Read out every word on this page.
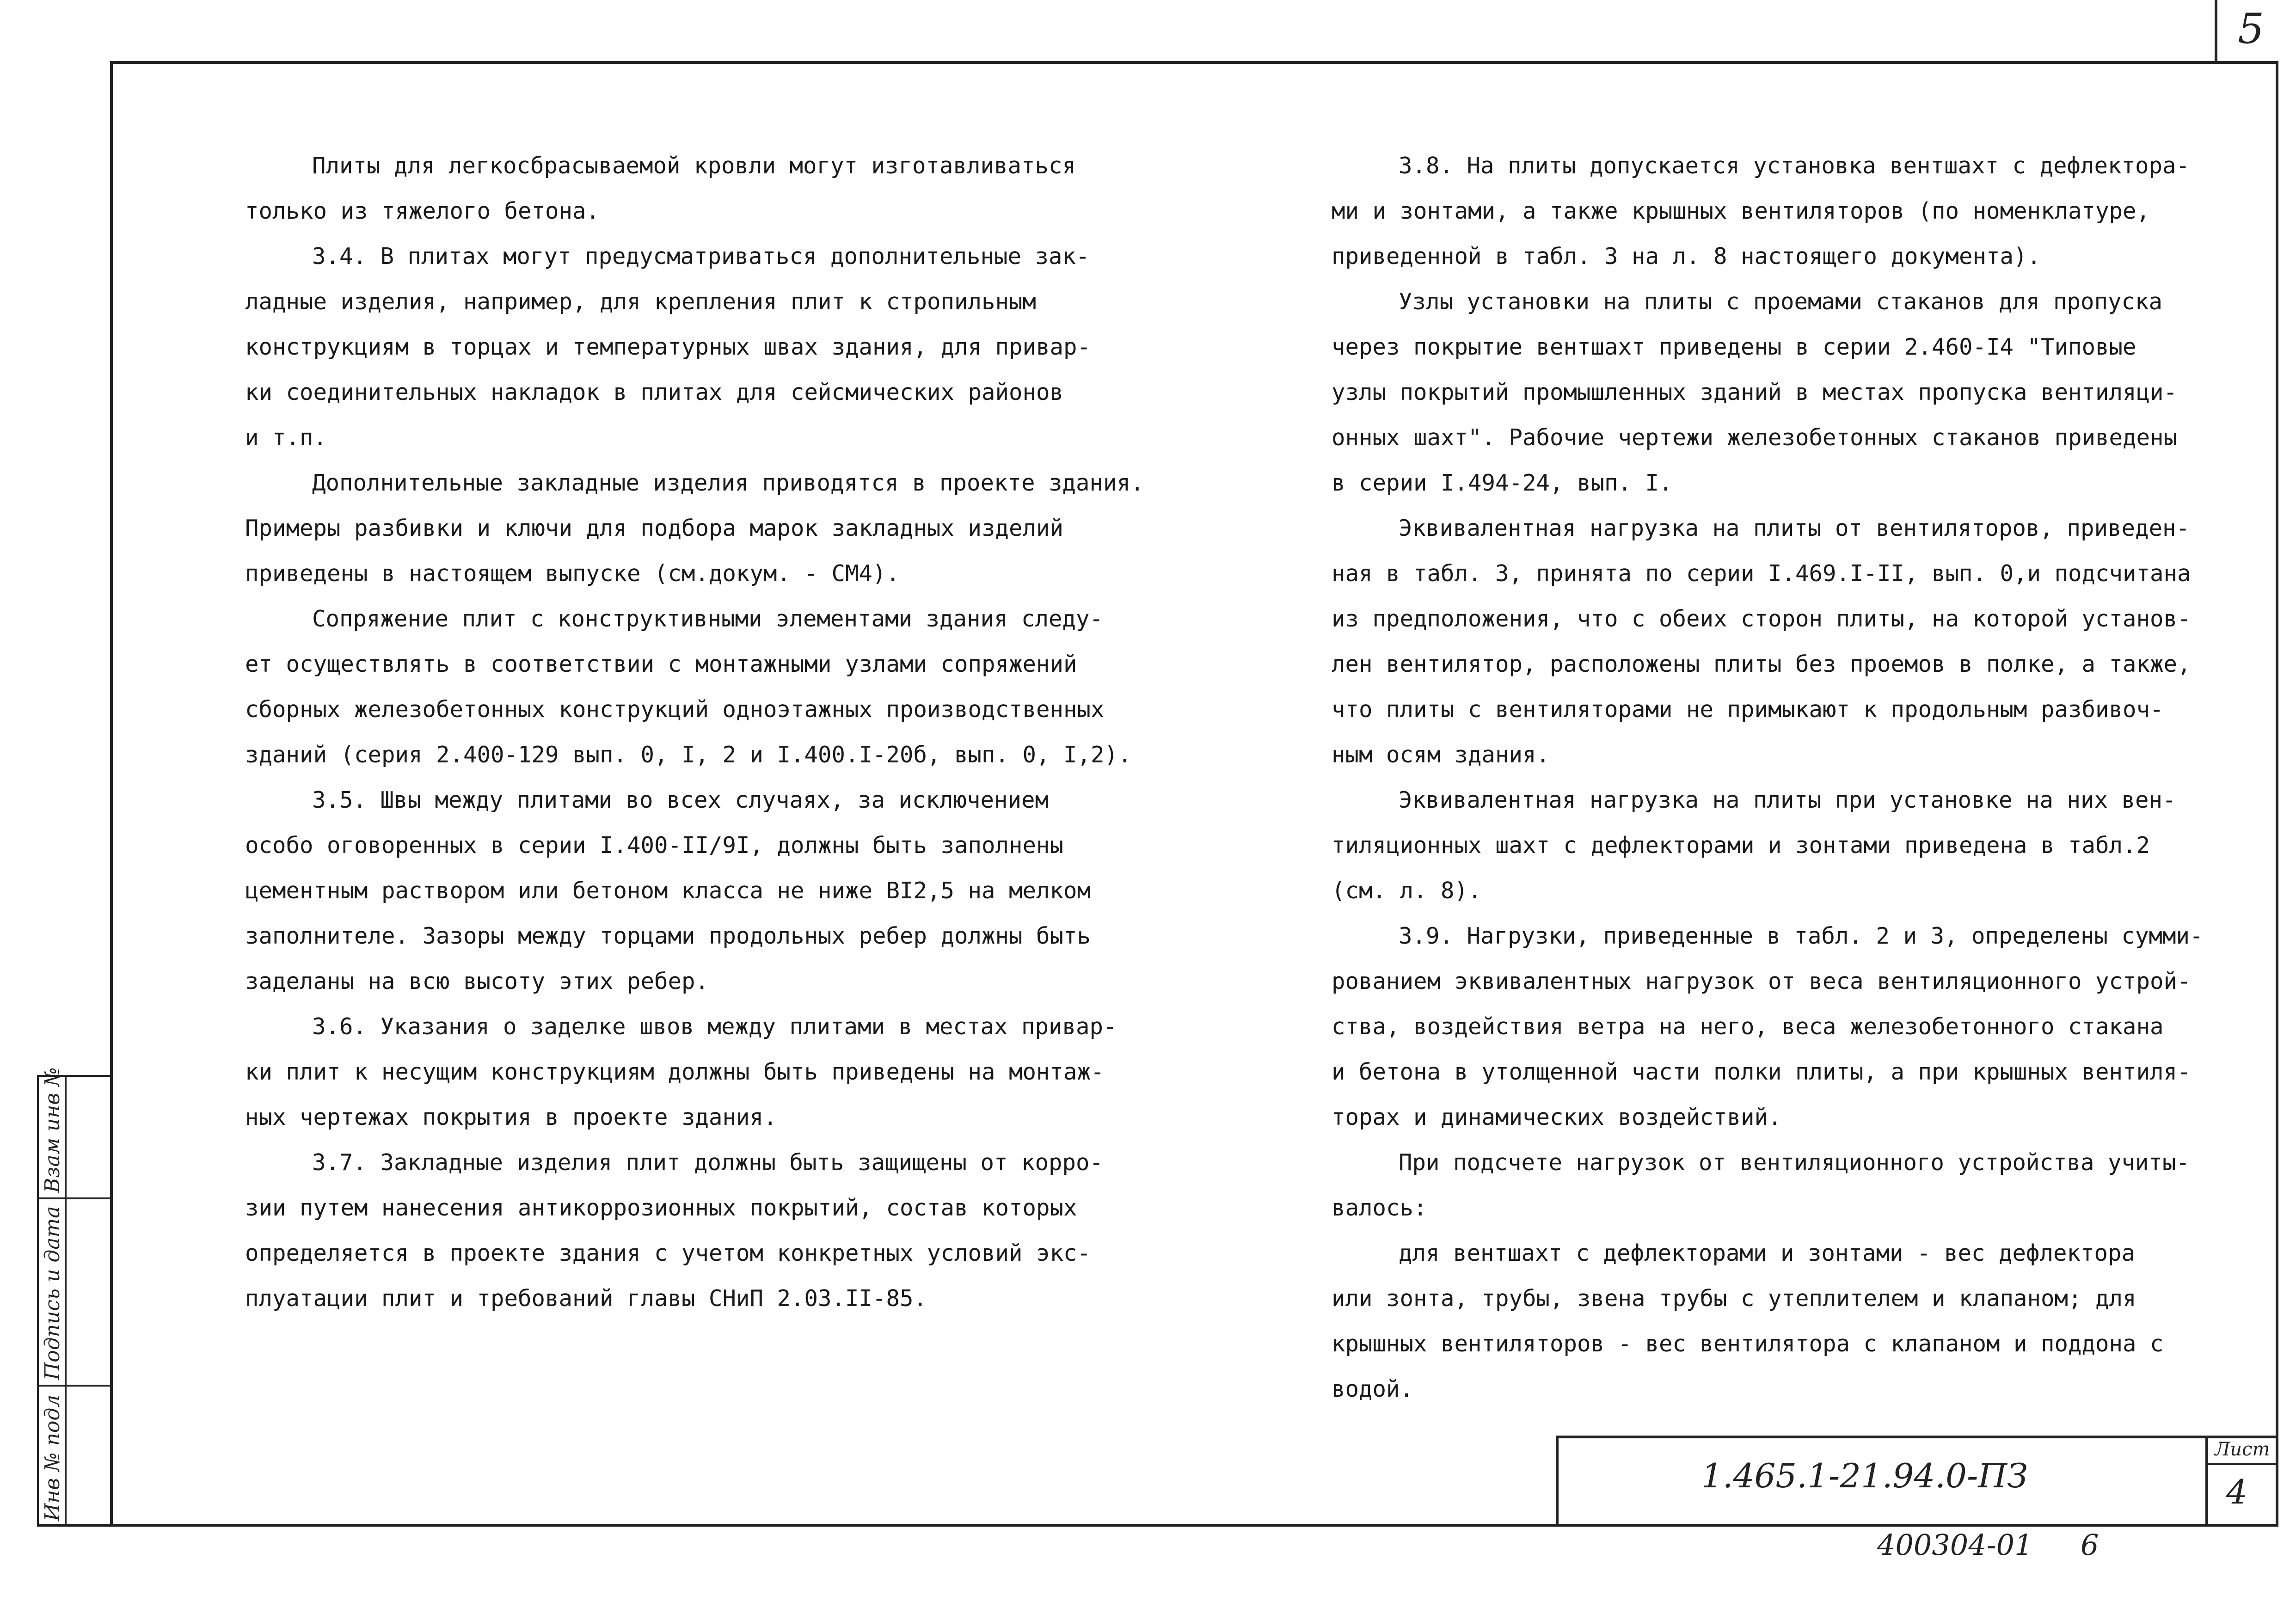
5
Взам инв №
Подпись и дата
Инв № подл
Плиты для легкосбрасываемой кровли могут изготавливаться
только из тяжелого бетона.
3.4. В плитах могут предусматриваться дополнительные зак-
ладные изделия, например, для крепления плит к стропильным
конструкциям в торцах и температурных швах здания, для привар-
ки соединительных накладок в плитах для сейсмических районов
и т.п.
Дополнительные закладные изделия приводятся в проекте здания.
Примеры разбивки и ключи для подбора марок закладных изделий
приведены в настоящем выпуске (см.докум. - СМ4).
Сопряжение плит с конструктивными элементами здания следу-
ет осуществлять в соответствии с монтажными узлами сопряжений
сборных железобетонных конструкций одноэтажных производственных
зданий (серия 2.400-129 вып. 0, I, 2 и I.400.I-20б, вып. 0, I,2).
3.5. Швы между плитами во всех случаях, за исключением
особо оговоренных в серии I.400-II/9I, должны быть заполнены
цементным раствором или бетоном класса не ниже BI2,5 на мелком
заполнителе. Зазоры между торцами продольных ребер должны быть
заделаны на всю высоту этих ребер.
3.6. Указания о заделке швов между плитами в местах привар-
ки плит к несущим конструкциям должны быть приведены на монтаж-
ных чертежах покрытия в проекте здания.
3.7. Закладные изделия плит должны быть защищены от корро-
зии путем нанесения антикоррозионных покрытий, состав которых
определяется в проекте здания с учетом конкретных условий экс-
плуатации плит и требований главы СНиП 2.03.II-85.
3.8. На плиты допускается установка вентшахт с дефлектора-
ми и зонтами, а также крышных вентиляторов (по номенклатуре,
приведенной в табл. 3 на л. 8 настоящего документа).
Узлы установки на плиты с проемами стаканов для пропуска
через покрытие вентшахт приведены в серии 2.460-I4 "Типовые
узлы покрытий промышленных зданий в местах пропуска вентиляци-
онных шахт". Рабочие чертежи железобетонных стаканов приведены
в серии I.494-24, вып. I.
Эквивалентная нагрузка на плиты от вентиляторов, приведен-
ная в табл. 3, принята по серии I.469.I-II, вып. 0,и подсчитана
из предположения, что с обеих сторон плиты, на которой установ-
лен вентилятор, расположены плиты без проемов в полке, а также,
что плиты с вентиляторами не примыкают к продольным разбивоч-
ным осям здания.
Эквивалентная нагрузка на плиты при установке на них вен-
тиляционных шахт с дефлекторами и зонтами приведена в табл.2
(см. л. 8).
3.9. Нагрузки, приведенные в табл. 2 и 3, определены сумми-
рованием эквивалентных нагрузок от веса вентиляционного устрой-
ства, воздействия ветра на него, веса железобетонного стакана
и бетона в утолщенной части полки плиты, а при крышных вентиля-
торах и динамических воздействий.
При подсчете нагрузок от вентиляционного устройства учиты-
валось:
для вентшахт с дефлекторами и зонтами - вес дефлектора
или зонта, трубы, звена трубы с утеплителем и клапаном; для
крышных вентиляторов - вес вентилятора с клапаном и поддона с
водой.
1.465.1-21.94.0-ПЗ
Лист
4
400304-01 6
